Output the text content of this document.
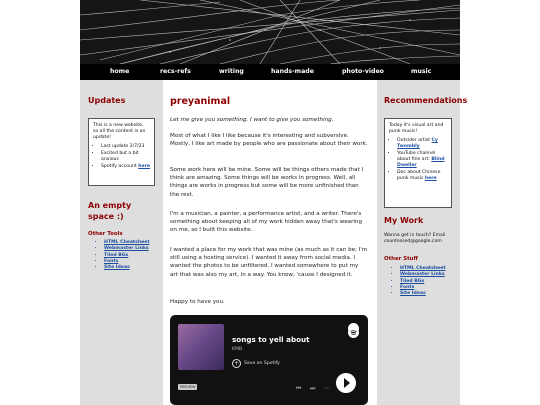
home	recs-refs	writing	hands-made	photo-video	music
Updates
This is a new website, so all the content is an update!
• Last update 2/7/23
• Excited but a bit anxious
• Spotify account here
An empty space :)
Other Tools
• HTML Cheatsheet
• Webmaster Links
• Tiled BGs
• Fonts
• Site Ideas
preyanimal

Let me give you something. I want to give you something.

Most of what I like I like because it's interesting and subversive. Mostly, I like art made by people who are passionate about their work.

Some work here will be mine. Some will be things others made that I think are amazing. Some things will be works in progress. Well, all things are works in progress but some will be more unfinished than the rest.

I'm a musician, a painter, a performance artist, and a writer. There's something about keeping all of my work hidden away that's wearing on me, so I built this website.

I wanted a place for my work that was mine (as much as it can be; I'm still using a hosting service). I wanted it away from social media. I wanted the photos to be unfiltered. I wanted somewhere to put my art that was also my art, in a way. You know, 'cause I designed it.

Happy to have you.

songs to yell about
KMB
+	Save on Spotify
PREVIEW	⏮ ⏭ ⋯
Recommendations
Today it's visual art and punk music!
• Outsider artist Cy Twombly
• YouTube channel about fine art: Blind Dweller
• Doc about Chinese punk music here
My Work
Wanna get in touch? Email countessed@google.com
Other Stuff
• HTML Cheatsheet
• Webmaster Links
• Tiled BGs
• Fonts
• Site Ideas
